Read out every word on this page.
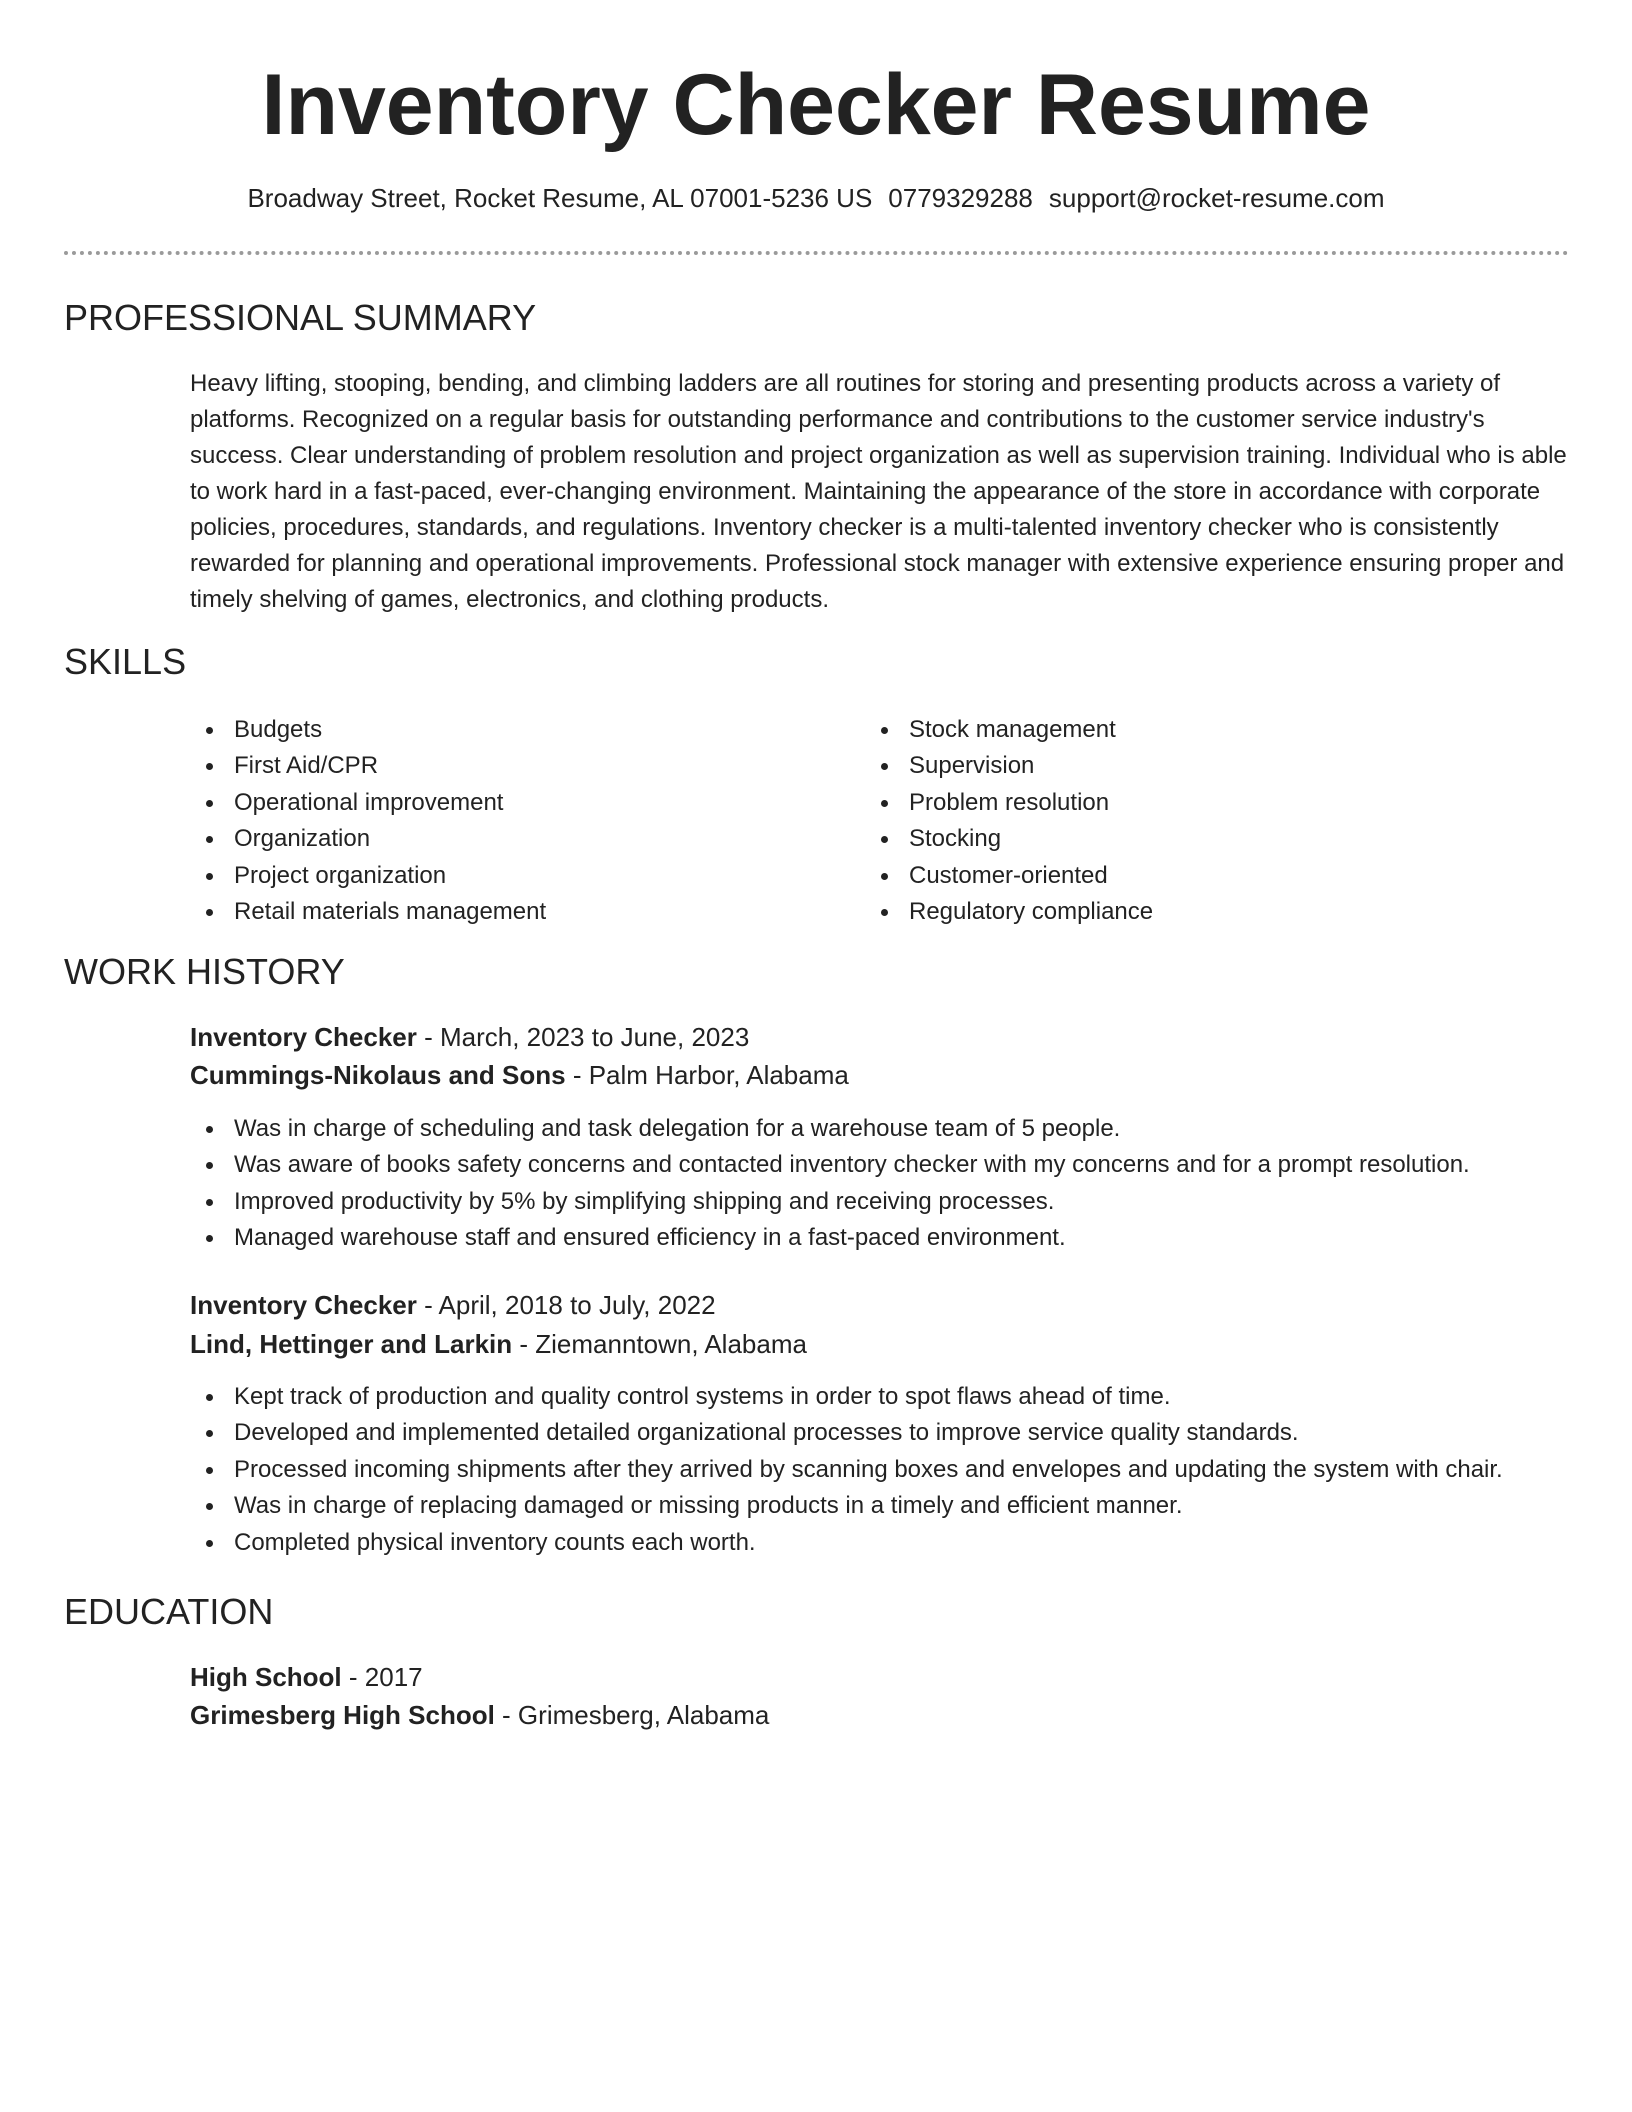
Inventory Checker Resume
Broadway Street, Rocket Resume, AL 07001-5236 US 0779329288 support@rocket-resume.com
PROFESSIONAL SUMMARY

Heavy lifting, stooping, bending, and climbing ladders are all routines for storing and presenting products across a variety of platforms. Recognized on a regular basis for outstanding performance and contributions to the customer service industry's success. Clear understanding of problem resolution and project organization as well as supervision training. Individual who is able to work hard in a fast-paced, ever-changing environment. Maintaining the appearance of the store in accordance with corporate policies, procedures, standards, and regulations. Inventory checker is a multi-talented inventory checker who is consistently rewarded for planning and operational improvements. Professional stock manager with extensive experience ensuring proper and timely shelving of games, electronics, and clothing products.

SKILLS
Budgets
First Aid/CPR
Operational improvement
Organization
Project organization
Retail materials management
Stock management
Supervision
Problem resolution
Stocking
Customer-oriented
Regulatory compliance
WORK HISTORY
Inventory Checker - March, 2023 to June, 2023
Cummings-Nikolaus and Sons - Palm Harbor, Alabama
Was in charge of scheduling and task delegation for a warehouse team of 5 people.
Was aware of books safety concerns and contacted inventory checker with my concerns and for a prompt resolution.
Improved productivity by 5% by simplifying shipping and receiving processes.
Managed warehouse staff and ensured efficiency in a fast-paced environment.
Inventory Checker - April, 2018 to July, 2022
Lind, Hettinger and Larkin - Ziemanntown, Alabama
Kept track of production and quality control systems in order to spot flaws ahead of time.
Developed and implemented detailed organizational processes to improve service quality standards.
Processed incoming shipments after they arrived by scanning boxes and envelopes and updating the system with chair.
Was in charge of replacing damaged or missing products in a timely and efficient manner.
Completed physical inventory counts each worth.
EDUCATION
High School - 2017
Grimesberg High School - Grimesberg, Alabama
